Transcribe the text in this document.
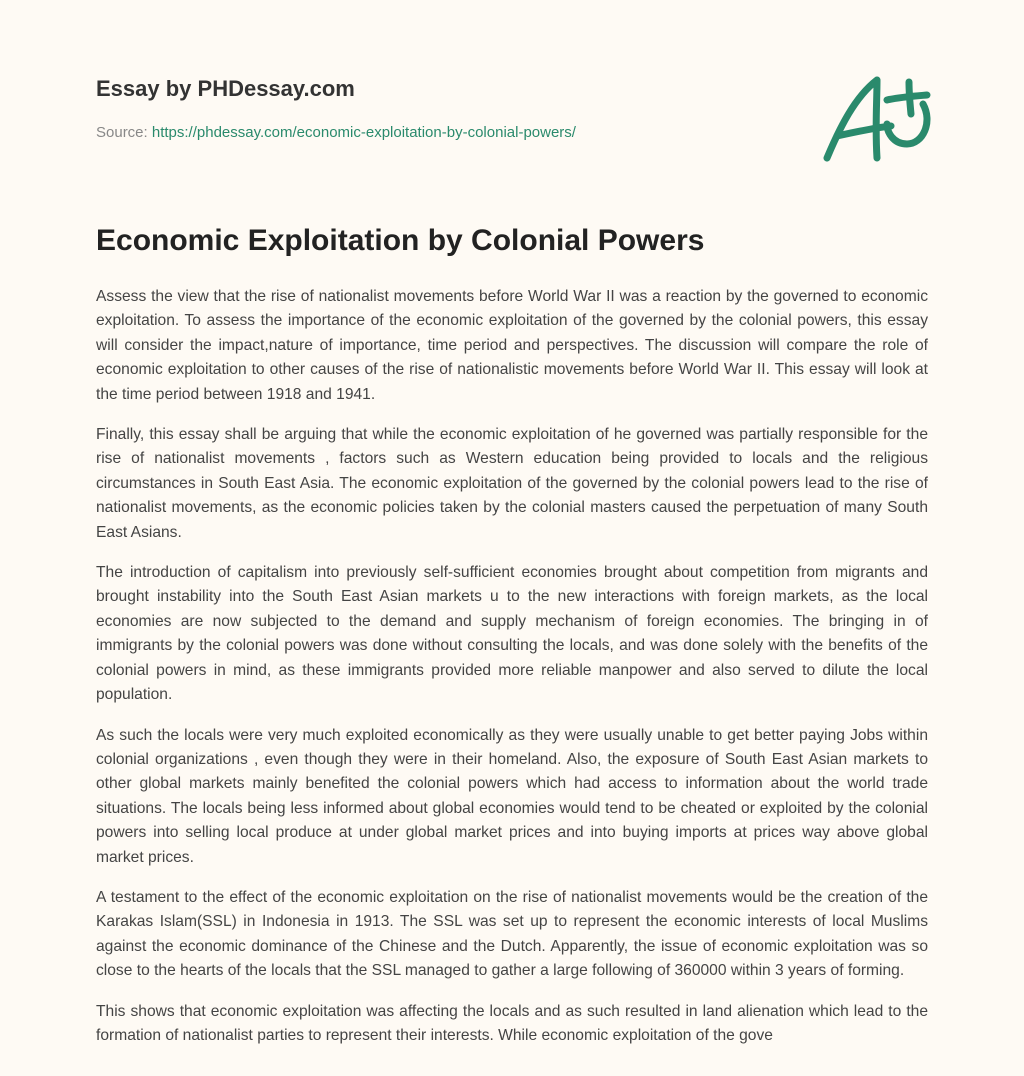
Essay by PHDessay.com

Source: https://phdessay.com/economic-exploitation-by-colonial-powers/
Economic Exploitation by Colonial Powers

Assess the view that the rise of nationalist movements before World War II was a reaction by the governed to economic exploitation. To assess the importance of the economic exploitation of the governed by the colonial powers, this essay will consider the impact,nature of importance, time period and perspectives. The discussion will compare the role of economic exploitation to other causes of the rise of nationalistic movements before World War II. This essay will look at the time period between 1918 and 1941.

Finally, this essay shall be arguing that while the economic exploitation of he governed was partially responsible for the rise of nationalist movements , factors such as Western education being provided to locals and the religious circumstances in South East Asia. The economic exploitation of the governed by the colonial powers lead to the rise of nationalist movements, as the economic policies taken by the colonial masters caused the perpetuation of many South East Asians.

The introduction of capitalism into previously self-sufficient economies brought about competition from migrants and brought instability into the South East Asian markets u to the new interactions with foreign markets, as the local economies are now subjected to the demand and supply mechanism of foreign economies. The bringing in of immigrants by the colonial powers was done without consulting the locals, and was done solely with the benefits of the colonial powers in mind, as these immigrants provided more reliable manpower and also served to dilute the local population.

As such the locals were very much exploited economically as they were usually unable to get better paying Jobs within colonial organizations , even though they were in their homeland. Also, the exposure of South East Asian markets to other global markets mainly benefited the colonial powers which had access to information about the world trade situations. The locals being less informed about global economies would tend to be cheated or exploited by the colonial powers into selling local produce at under global market prices and into buying imports at prices way above global market prices.

A testament to the effect of the economic exploitation on the rise of nationalist movements would be the creation of the Karakas Islam(SSL) in Indonesia in 1913. The SSL was set up to represent the economic interests of local Muslims against the economic dominance of the Chinese and the Dutch. Apparently, the issue of economic exploitation was so close to the hearts of the locals that the SSL managed to gather a large following of 360000 within 3 years of forming.

This shows that economic exploitation was affecting the locals and as such resulted in land alienation which lead to the formation of nationalist parties to represent their interests. While economic exploitation of the gove
